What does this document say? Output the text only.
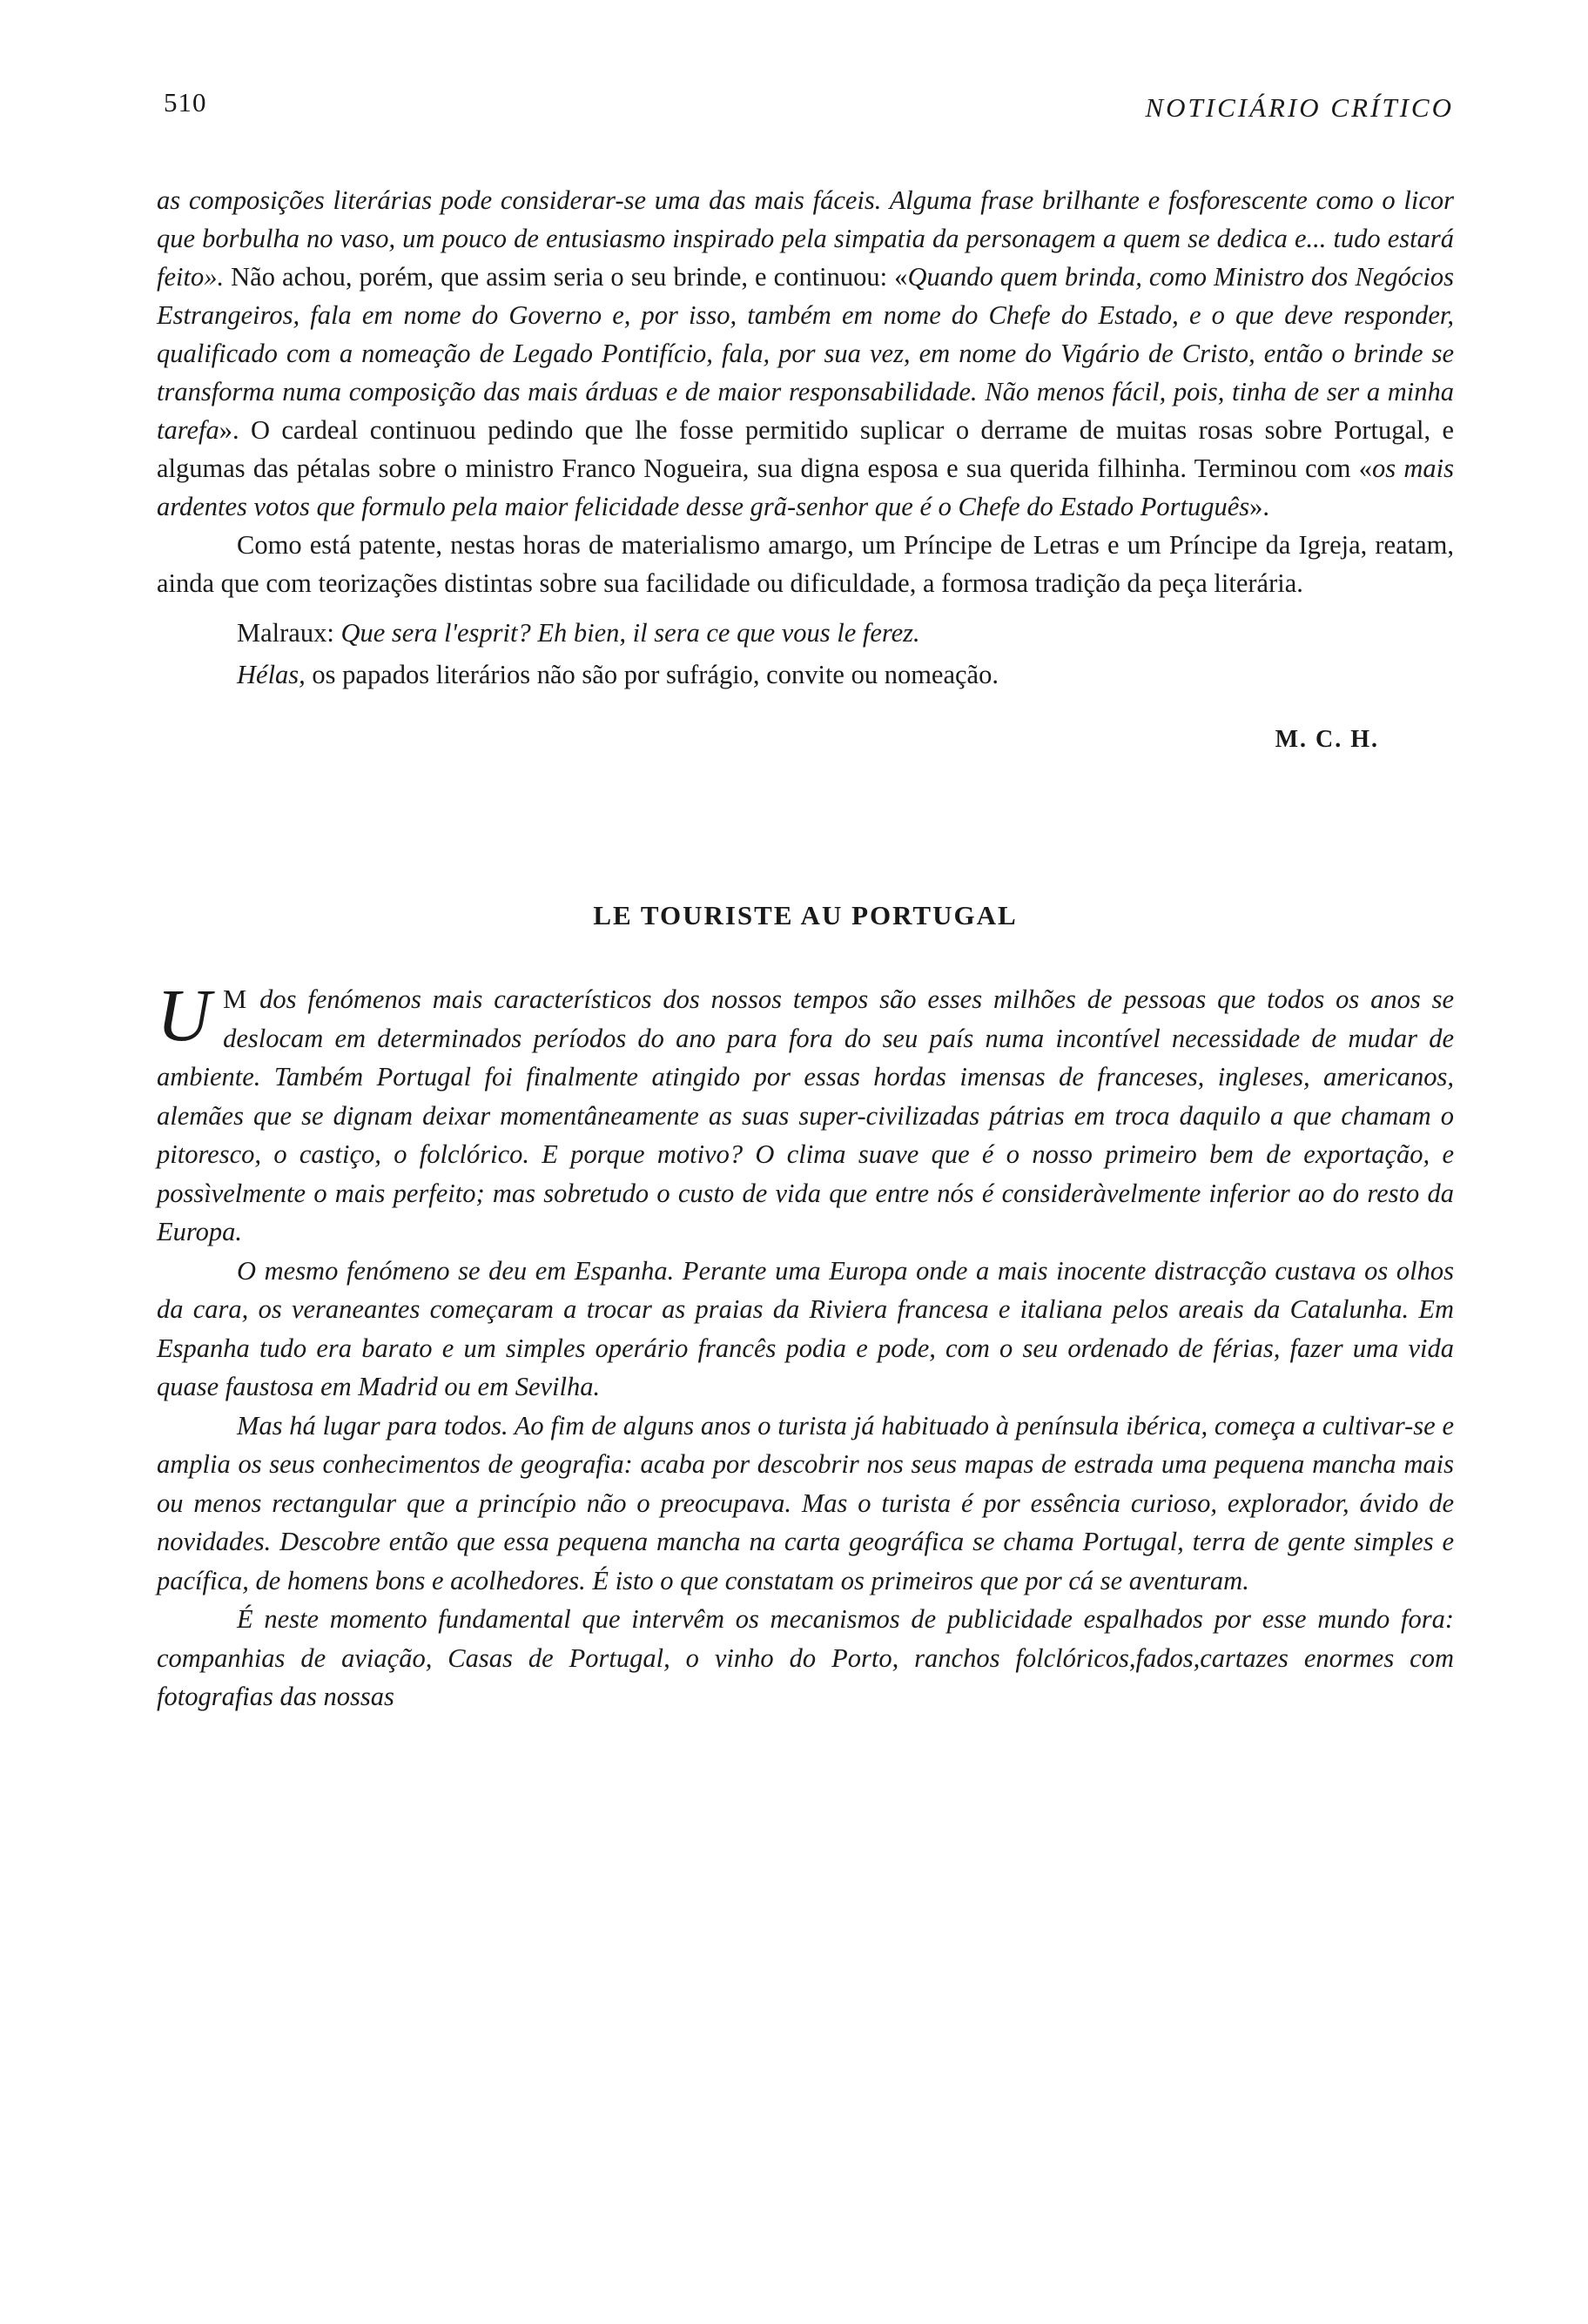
510	NOTICIÁRIO CRÍTICO

as composições literárias pode considerar-se uma das mais fáceis. Alguma frase brilhante e fosforescente como o licor que borbulha no vaso, um pouco de entusiasmo inspirado pela simpatia da personagem a quem se dedica e... tudo estará feito». Não achou, porém, que assim seria o seu brinde, e continuou: «Quando quem brinda, como Ministro dos Negócios Estrangeiros, fala em nome do Governo e, por isso, também em nome do Chefe do Estado, e o que deve responder, qualificado com a nomeação de Legado Pontifício, fala, por sua vez, em nome do Vigário de Cristo, então o brinde se transforma numa composição das mais árduas e de maior responsabilidade. Não menos fácil, pois, tinha de ser a minha tarefa». O cardeal continuou pedindo que lhe fosse permitido suplicar o derrame de muitas rosas sobre Portugal, e algumas das pétalas sobre o ministro Franco Nogueira, sua digna esposa e sua querida filhinha. Terminou com «os mais ardentes votos que formulo pela maior felicidade desse grã-senhor que é o Chefe do Estado Português».

Como está patente, nestas horas de materialismo amargo, um Príncipe de Letras e um Príncipe da Igreja, reatam, ainda que com teorizações distintas sobre sua facilidade ou dificuldade, a formosa tradição da peça literária.

Malraux: Que sera l'esprit? Eh bien, il sera ce que vous le ferez.

Hélas, os papados literários não são por sufrágio, convite ou nomeação.

M. C. H.
LE TOURISTE AU PORTUGAL

U M dos fenómenos mais característicos dos nossos tempos são esses milhões de pessoas que todos os anos se deslocam em determinados períodos do ano para fora do seu país numa incontível necessidade de mudar de ambiente. Também Portugal foi finalmente atingido por essas hordas imensas de franceses, ingleses, americanos, alemães que se dignam deixar momentâneamente as suas super-civilizadas pátrias em troca daquilo a que chamam o pitoresco, o castiço, o folclórico. E porque motivo? O clima suave que é o nosso primeiro bem de exportação, e possìvelmente o mais perfeito; mas sobretudo o custo de vida que entre nós é consideràvelmente inferior ao do resto da Europa.

O mesmo fenómeno se deu em Espanha. Perante uma Europa onde a mais inocente distracção custava os olhos da cara, os veraneantes começaram a trocar as praias da Riviera francesa e italiana pelos areais da Catalunha. Em Espanha tudo era barato e um simples operário francês podia e pode, com o seu ordenado de férias, fazer uma vida quase faustosa em Madrid ou em Sevilha.

Mas há lugar para todos. Ao fim de alguns anos o turista já habituado à península ibérica, começa a cultivar-se e amplia os seus conhecimentos de geografia: acaba por descobrir nos seus mapas de estrada uma pequena mancha mais ou menos rectangular que a princípio não o preocupava. Mas o turista é por essência curioso, explorador, ávido de novidades. Descobre então que essa pequena mancha na carta geográfica se chama Portugal, terra de gente simples e pacífica, de homens bons e acolhedores. É isto o que constatam os primeiros que por cá se aventuram.

É neste momento fundamental que intervêm os mecanismos de publicidade espalhados por esse mundo fora: companhias de aviação, Casas de Portugal, o vinho do Porto, ranchos folclóricos,fados,cartazes enormes com fotografias das nossas
